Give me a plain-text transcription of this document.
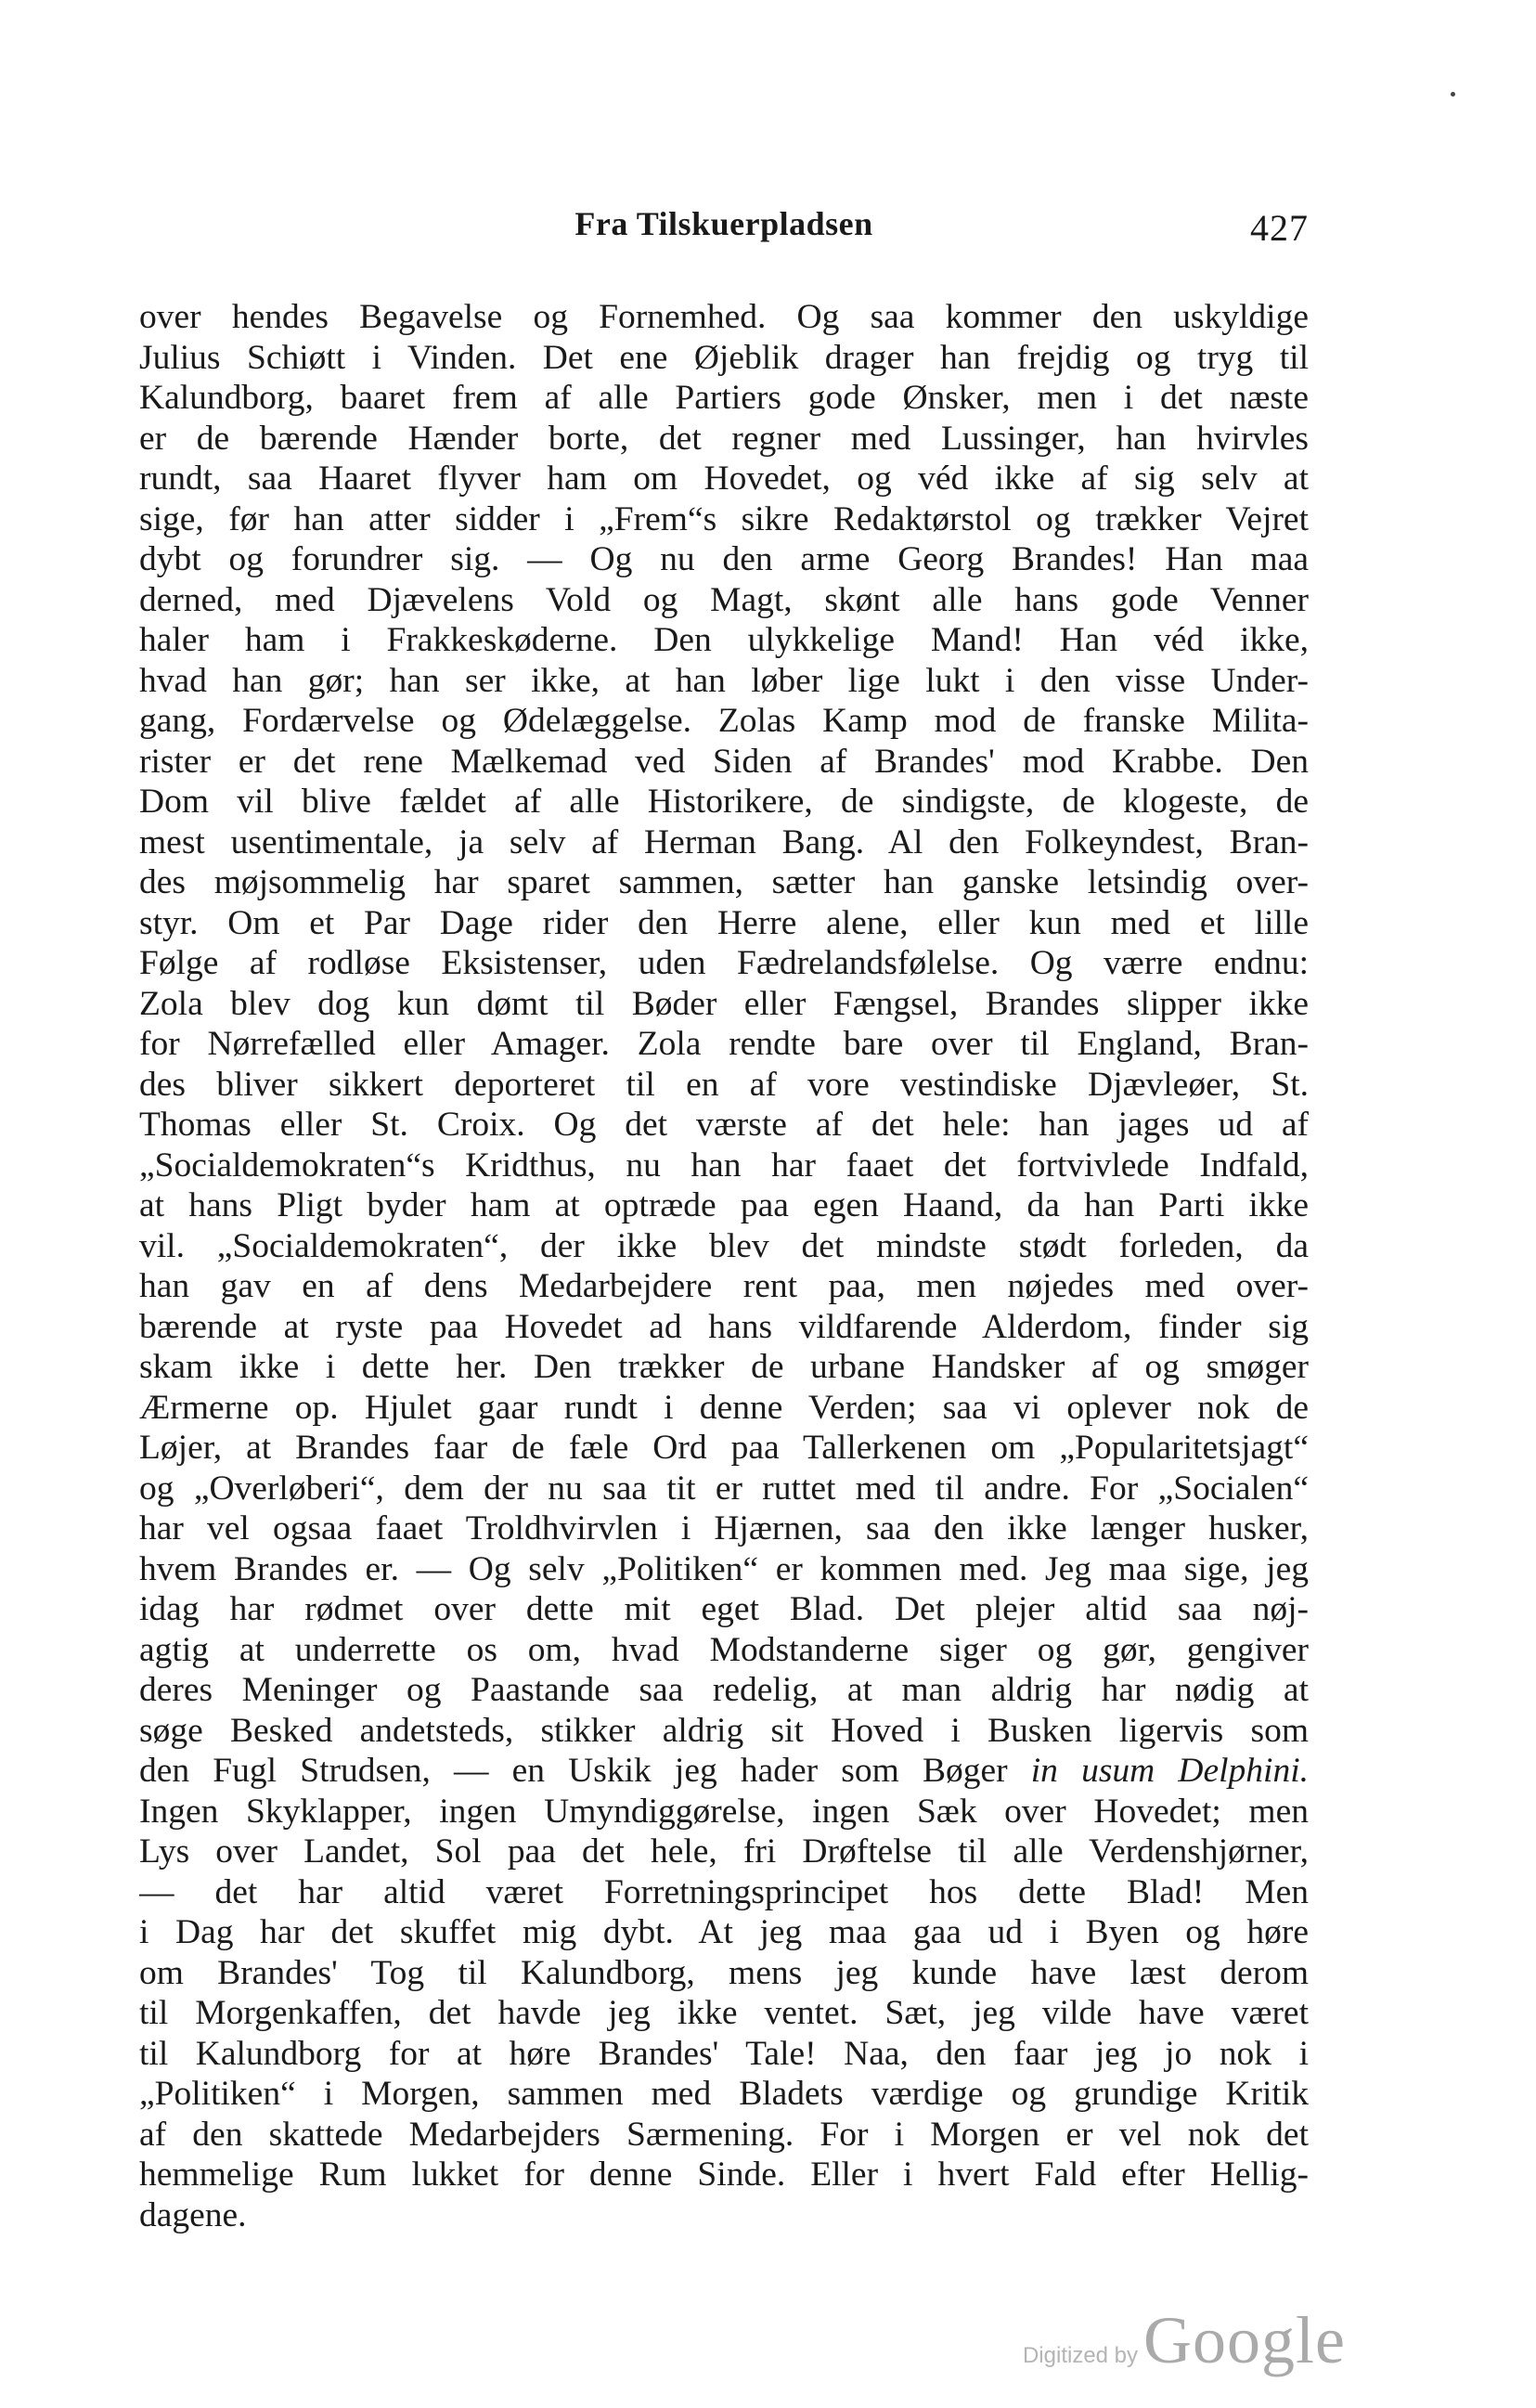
Fra Tilskuerpladsen	427
over hendes Begavelse og Fornemhed. Og saa kommer den uskyldige
Julius Schiøtt i Vinden. Det ene Øjeblik drager han frejdig og tryg til
Kalundborg, baaret frem af alle Partiers gode Ønsker, men i det næste
er de bærende Hænder borte, det regner med Lussinger, han hvirvles
rundt, saa Haaret flyver ham om Hovedet, og véd ikke af sig selv at
sige, før han atter sidder i „Frem“s sikre Redaktørstol og trækker Vejret
dybt og forundrer sig. — Og nu den arme Georg Brandes! Han maa
derned, med Djævelens Vold og Magt, skønt alle hans gode Venner
haler ham i Frakkeskøderne. Den ulykkelige Mand! Han véd ikke,
hvad han gør; han ser ikke, at han løber lige lukt i den visse Under-
gang, Fordærvelse og Ødelæggelse. Zolas Kamp mod de franske Milita-
rister er det rene Mælkemad ved Siden af Brandes' mod Krabbe. Den
Dom vil blive fældet af alle Historikere, de sindigste, de klogeste, de
mest usentimentale, ja selv af Herman Bang. Al den Folkeyndest, Bran-
des møjsommelig har sparet sammen, sætter han ganske letsindig over-
styr. Om et Par Dage rider den Herre alene, eller kun med et lille
Følge af rodløse Eksistenser, uden Fædrelandsfølelse. Og værre endnu:
Zola blev dog kun dømt til Bøder eller Fængsel, Brandes slipper ikke
for Nørrefælled eller Amager. Zola rendte bare over til England, Bran-
des bliver sikkert deporteret til en af vore vestindiske Djævleøer, St.
Thomas eller St. Croix. Og det værste af det hele: han jages ud af
„Socialdemokraten“s Kridthus, nu han har faaet det fortvivlede Indfald,
at hans Pligt byder ham at optræde paa egen Haand, da han Parti ikke
vil. „Socialdemokraten“, der ikke blev det mindste stødt forleden, da
han gav en af dens Medarbejdere rent paa, men nøjedes med over-
bærende at ryste paa Hovedet ad hans vildfarende Alderdom, finder sig
skam ikke i dette her. Den trækker de urbane Handsker af og smøger
Ærmerne op. Hjulet gaar rundt i denne Verden; saa vi oplever nok de
Løjer, at Brandes faar de fæle Ord paa Tallerkenen om „Popularitetsjagt“
og „Overløberi“, dem der nu saa tit er ruttet med til andre. For „Socialen“
har vel ogsaa faaet Troldhvirvlen i Hjærnen, saa den ikke længer husker,
hvem Brandes er. — Og selv „Politiken“ er kommen med. Jeg maa sige, jeg
idag har rødmet over dette mit eget Blad. Det plejer altid saa nøj-
agtig at underrette os om, hvad Modstanderne siger og gør, gengiver
deres Meninger og Paastande saa redelig, at man aldrig har nødig at
søge Besked andetsteds, stikker aldrig sit Hoved i Busken ligervis som
den Fugl Strudsen, — en Uskik jeg hader som Bøger in usum Delphini.
Ingen Skyklapper, ingen Umyndiggørelse, ingen Sæk over Hovedet; men
Lys over Landet, Sol paa det hele, fri Drøftelse til alle Verdenshjørner,
— det har altid været Forretningsprincipet hos dette Blad! Men
i Dag har det skuffet mig dybt. At jeg maa gaa ud i Byen og høre
om Brandes' Tog til Kalundborg, mens jeg kunde have læst derom
til Morgenkaffen, det havde jeg ikke ventet. Sæt, jeg vilde have været
til Kalundborg for at høre Brandes' Tale! Naa, den faar jeg jo nok i
„Politiken“ i Morgen, sammen med Bladets værdige og grundige Kritik
af den skattede Medarbejders Særmening. For i Morgen er vel nok det
hemmelige Rum lukket for denne Sinde. Eller i hvert Fald efter Hellig-
dagene.
Digitized by Google
